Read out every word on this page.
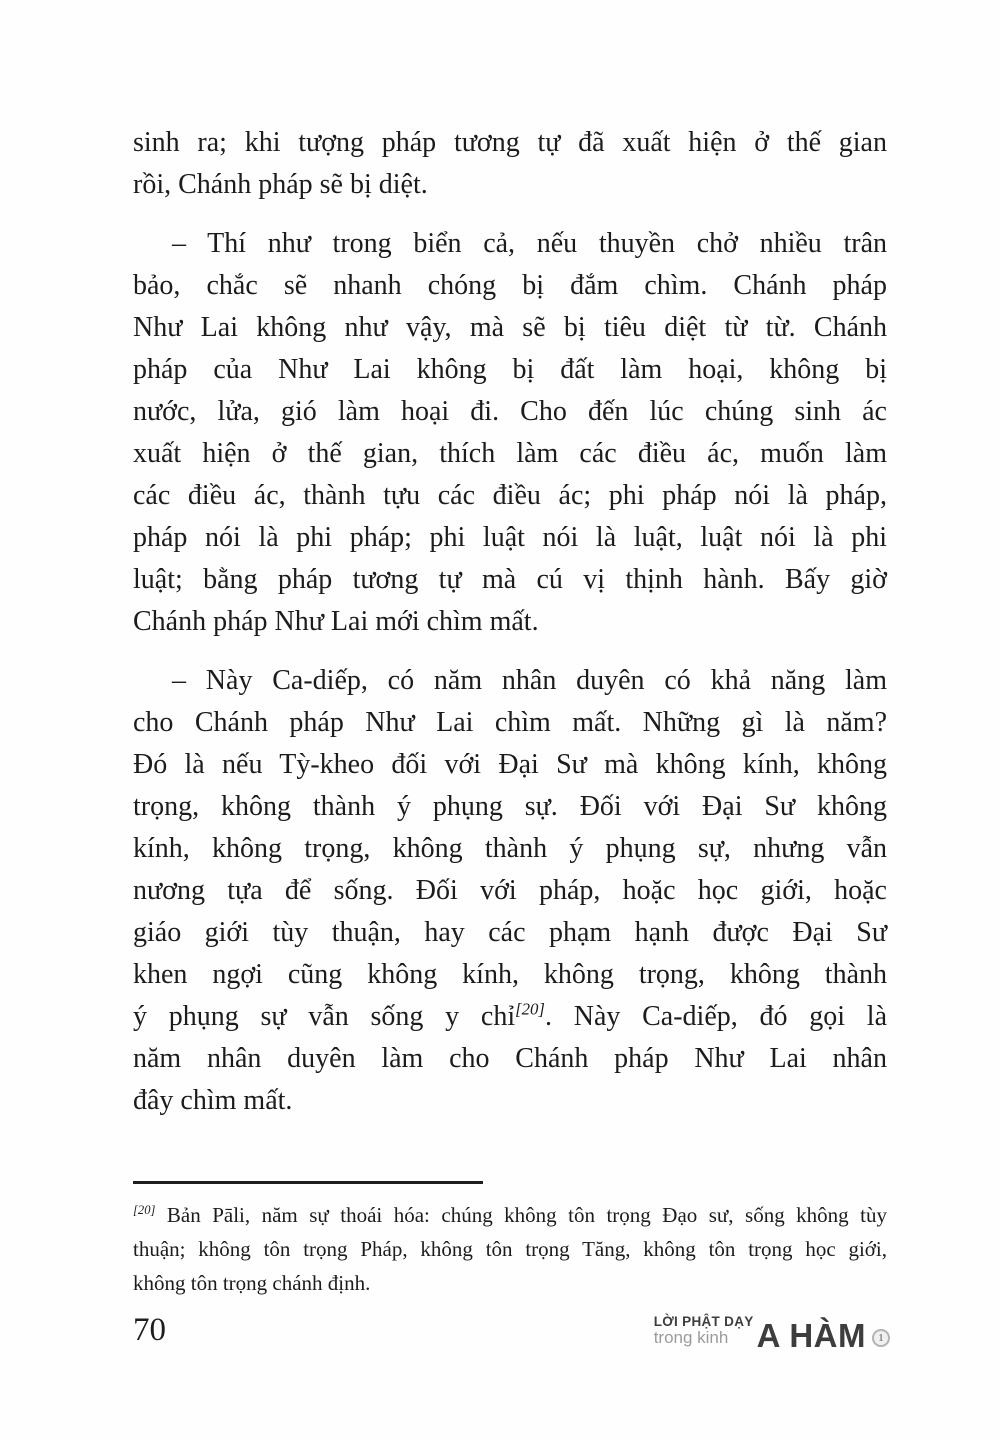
sinh ra; khi tượng pháp tương tự đã xuất hiện ở thế gian
rồi, Chánh pháp sẽ bị diệt.
– Thí như trong biển cả, nếu thuyền chở nhiều trân
bảo, chắc sẽ nhanh chóng bị đắm chìm. Chánh pháp
Như Lai không như vậy, mà sẽ bị tiêu diệt từ từ. Chánh
pháp của Như Lai không bị đất làm hoại, không bị
nước, lửa, gió làm hoại đi. Cho đến lúc chúng sinh ác
xuất hiện ở thế gian, thích làm các điều ác, muốn làm
các điều ác, thành tựu các điều ác; phi pháp nói là pháp,
pháp nói là phi pháp; phi luật nói là luật, luật nói là phi
luật; bằng pháp tương tự mà cú vị thịnh hành. Bấy giờ
Chánh pháp Như Lai mới chìm mất.
– Này Ca-diếp, có năm nhân duyên có khả năng làm
cho Chánh pháp Như Lai chìm mất. Những gì là năm?
Đó là nếu Tỳ-kheo đối với Đại Sư mà không kính, không
trọng, không thành ý phụng sự. Đối với Đại Sư không
kính, không trọng, không thành ý phụng sự, nhưng vẫn
nương tựa để sống. Đối với pháp, hoặc học giới, hoặc
giáo giới tùy thuận, hay các phạm hạnh được Đại Sư
khen ngợi cũng không kính, không trọng, không thành
ý phụng sự vẫn sống y chỉ[20]. Này Ca-diếp, đó gọi là
năm nhân duyên làm cho Chánh pháp Như Lai nhân
đây chìm mất.
[20] Bản Pāli, năm sự thoái hóa: chúng không tôn trọng Đạo sư, sống không tùy
thuận; không tôn trọng Pháp, không tôn trọng Tăng, không tôn trọng học giới,
không tôn trọng chánh định.
70	LỜI PHẬT DẠY
trong kinh A HÀM	1
